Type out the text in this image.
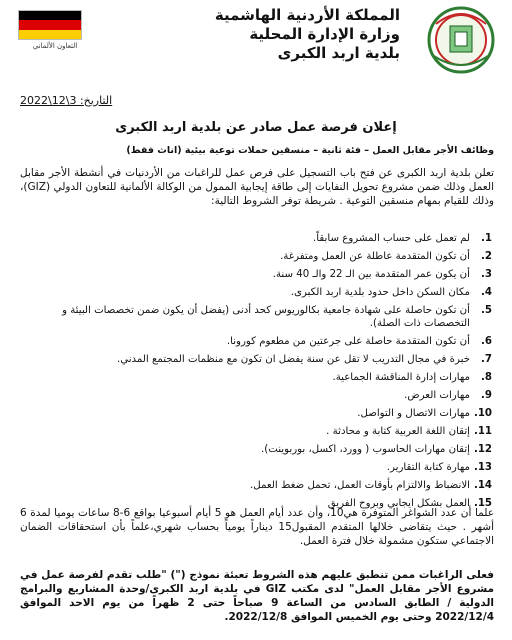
التعاون الألماني
المملكة الأردنية الهاشمية
وزارة الإدارة المحلية
بلدية اربد الكبرى
التاريخ: 3\12\2022
إعلان فرصة عمل صادر عن بلدية اربد الكبرى
وظائف الأجر مقابل العمل – فئة ثانية – منسقين حملات توعية بيئية (اناث فقط)
تعلن بلدية اربد الكبرى عن فتح باب التسجيل على فرص عمل للراغبات من الأردنيات في أنشطة الأجر مقابل العمل وذلك ضمن مشروع تحويل النفايات إلى طاقة إيجابية الممول من الوكالة الألمانية للتعاون الدولي (GIZ)، وذلك للقيام بمهام منسقين التوعية . شريطة توفر الشروط التالية:
1.
لم تعمل على حساب المشروع سابقاً.
2.
أن تكون المتقدمة عاطلة عن العمل ومتفرغة.
3.
أن يكون عمر المتقدمة بين الـ 22 والـ 40 سنة.
4.
مكان السكن داخل حدود بلدية اربد الكبرى.
5.
أن تكون حاصلة على شهادة جامعية بكالوريوس كحد أدنى (يفضل أن يكون ضمن تخصصات البيئة و التخصصات ذات الصلة).
6.
أن تكون المتقدمة حاصلة على جرعتين من مطعوم كورونا.
7.
خبرة في مجال التدريب لا تقل عن سنة يفضل ان تكون مع منظمات المجتمع المدني.
8.
مهارات إدارة المناقشة الجماعية.
9.
مهارات العرض.
10.
مهارات الاتصال و التواصل.
11.
إتقان اللغة العربية كتابة و محادثة .
12.
إتقان مهارات الحاسوب ( وورد، اكسل، بوربوينت).
13.
مهارة كتابة التقارير.
14.
الانضباط والالتزام بأوقات العمل، تحمل ضغط العمل.
15.
العمل بشكل ايجابي وبروح الفريق
علما أن عدد الشواغر المتوفرة هي10، وأن عدد أيام العمل هو 5 أيام أسبوعيا بواقع 6-8 ساعات يوميا لمدة 6 أشهر . حيث يتقاضى خلالها المتقدم المقبول15 ديناراً يومياً بحساب شهري،علماً بأن استحقاقات الضمان الاجتماعي ستكون مشمولة خلال فترة العمل.
فعلى الراغبات ممن تنطبق عليهم هذه الشروط تعبئة نموذج (") "طلب تقدم لفرصة عمل في مشروع الأجر مقابل العمل" لدى مكتب GIZ في بلدية اربد الكبرى/وحدة المشاريع والبرامج الدولية / الطابق السادس من الساعة 9 صباحاً حتى 2 ظهراً من يوم الاحد الموافق 2022/12/4 وحتى يوم الخميس الموافق 2022/12/8.
